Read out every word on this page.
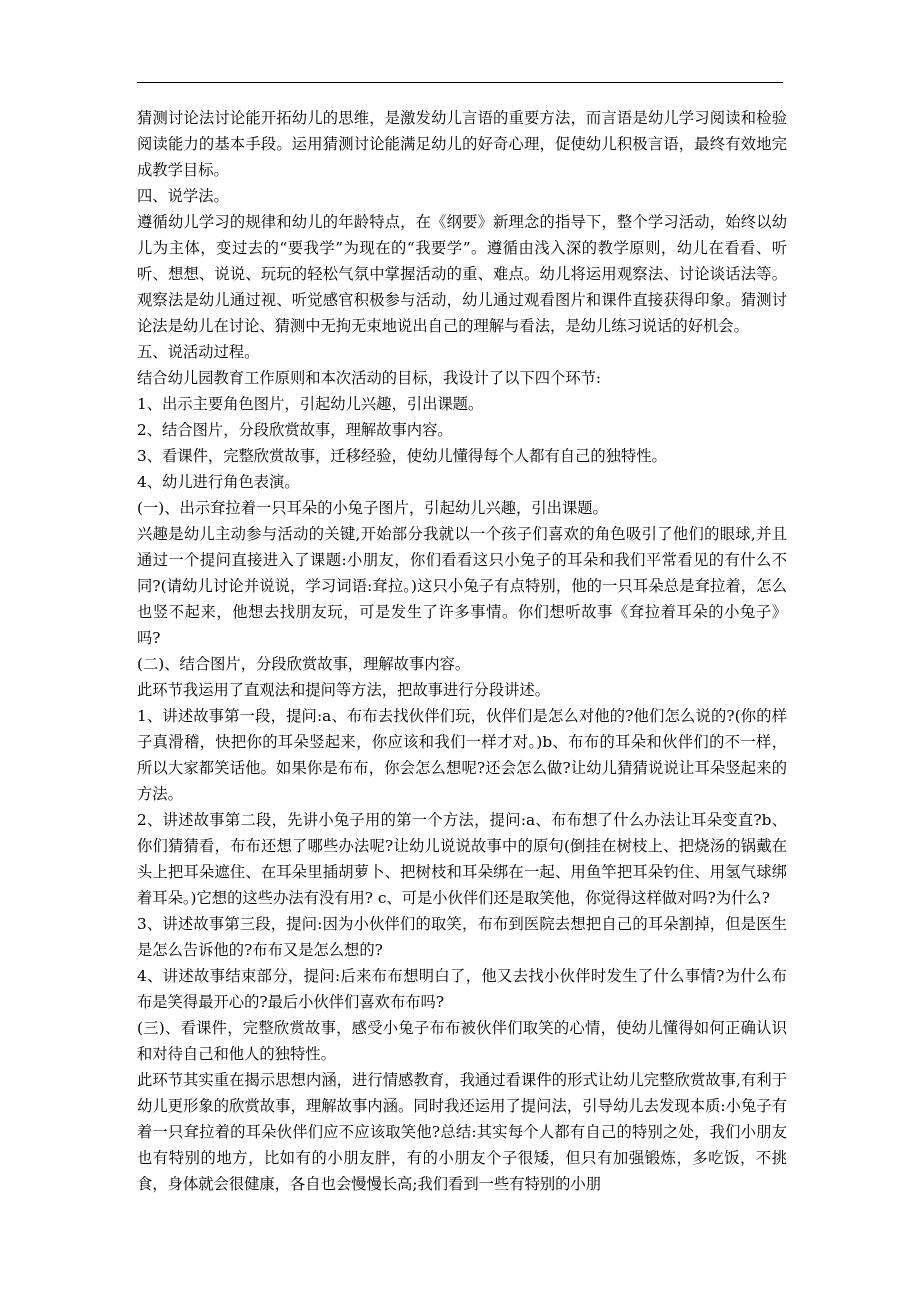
猜测讨论法讨论能开拓幼儿的思维，是激发幼儿言语的重要方法，而言语是幼儿学习阅读和检验阅读能力的基本手段。运用猜测讨论能满足幼儿的好奇心理，促使幼儿积极言语，最终有效地完成教学目标。

四、说学法。

遵循幼儿学习的规律和幼儿的年龄特点，在《纲要》新理念的指导下，整个学习活动，始终以幼儿为主体，变过去的“要我学”为现在的“我要学”。遵循由浅入深的教学原则，幼儿在看看、听听、想想、说说、玩玩的轻松气氛中掌握活动的重、难点。幼儿将运用观察法、讨论谈话法等。观察法是幼儿通过视、听觉感官积极参与活动，幼儿通过观看图片和课件直接获得印象。猜测讨论法是幼儿在讨论、猜测中无拘无束地说出自己的理解与看法，是幼儿练习说话的好机会。

五、说活动过程。

结合幼儿园教育工作原则和本次活动的目标，我设计了以下四个环节:

1、出示主要角色图片，引起幼儿兴趣，引出课题。

2、结合图片，分段欣赏故事，理解故事内容。

3、看课件，完整欣赏故事，迁移经验，使幼儿懂得每个人都有自己的独特性。

4、幼儿进行角色表演。

(一)、出示耷拉着一只耳朵的小兔子图片，引起幼儿兴趣，引出课题。

兴趣是幼儿主动参与活动的关键,开始部分我就以一个孩子们喜欢的角色吸引了他们的眼球,并且通过一个提问直接进入了课题:小朋友，你们看看这只小兔子的耳朵和我们平常看见的有什么不同?(请幼儿讨论并说说，学习词语:耷拉。)这只小兔子有点特别，他的一只耳朵总是耷拉着，怎么也竖不起来，他想去找朋友玩，可是发生了许多事情。你们想听故事《耷拉着耳朵的小兔子》吗?

(二)、结合图片，分段欣赏故事，理解故事内容。

此环节我运用了直观法和提问等方法，把故事进行分段讲述。

1、讲述故事第一段，提问:a、布布去找伙伴们玩，伙伴们是怎么对他的?他们怎么说的?(你的样子真滑稽，快把你的耳朵竖起来，你应该和我们一样才对。)b、布布的耳朵和伙伴们的不一样，所以大家都笑话他。如果你是布布，你会怎么想呢?还会怎么做?让幼儿猜猜说说让耳朵竖起来的方法。

2、讲述故事第二段，先讲小兔子用的第一个方法，提问:a、布布想了什么办法让耳朵变直?b、你们猜猜看，布布还想了哪些办法呢?让幼儿说说故事中的原句(倒挂在树枝上、把烧汤的锅戴在头上把耳朵遮住、在耳朵里插胡萝卜、把树枝和耳朵绑在一起、用鱼竿把耳朵钓住、用氢气球绑着耳朵。)它想的这些办法有没有用? c、可是小伙伴们还是取笑他，你觉得这样做对吗?为什么?

3、讲述故事第三段，提问:因为小伙伴们的取笑，布布到医院去想把自己的耳朵割掉，但是医生是怎么告诉他的?布布又是怎么想的?

4、讲述故事结束部分，提问:后来布布想明白了，他又去找小伙伴时发生了什么事情?为什么布布是笑得最开心的?最后小伙伴们喜欢布布吗?

(三)、看课件，完整欣赏故事，感受小兔子布布被伙伴们取笑的心情，使幼儿懂得如何正确认识和对待自己和他人的独特性。

此环节其实重在揭示思想内涵，进行情感教育，我通过看课件的形式让幼儿完整欣赏故事,有利于幼儿更形象的欣赏故事，理解故事内涵。同时我还运用了提问法，引导幼儿去发现本质:小兔子有着一只耷拉着的耳朵伙伴们应不应该取笑他?总结:其实每个人都有自己的特别之处，我们小朋友也有特别的地方，比如有的小朋友胖，有的小朋友个子很矮，但只有加强锻炼，多吃饭，不挑食，身体就会很健康，各自也会慢慢长高;我们看到一些有特别的小朋
